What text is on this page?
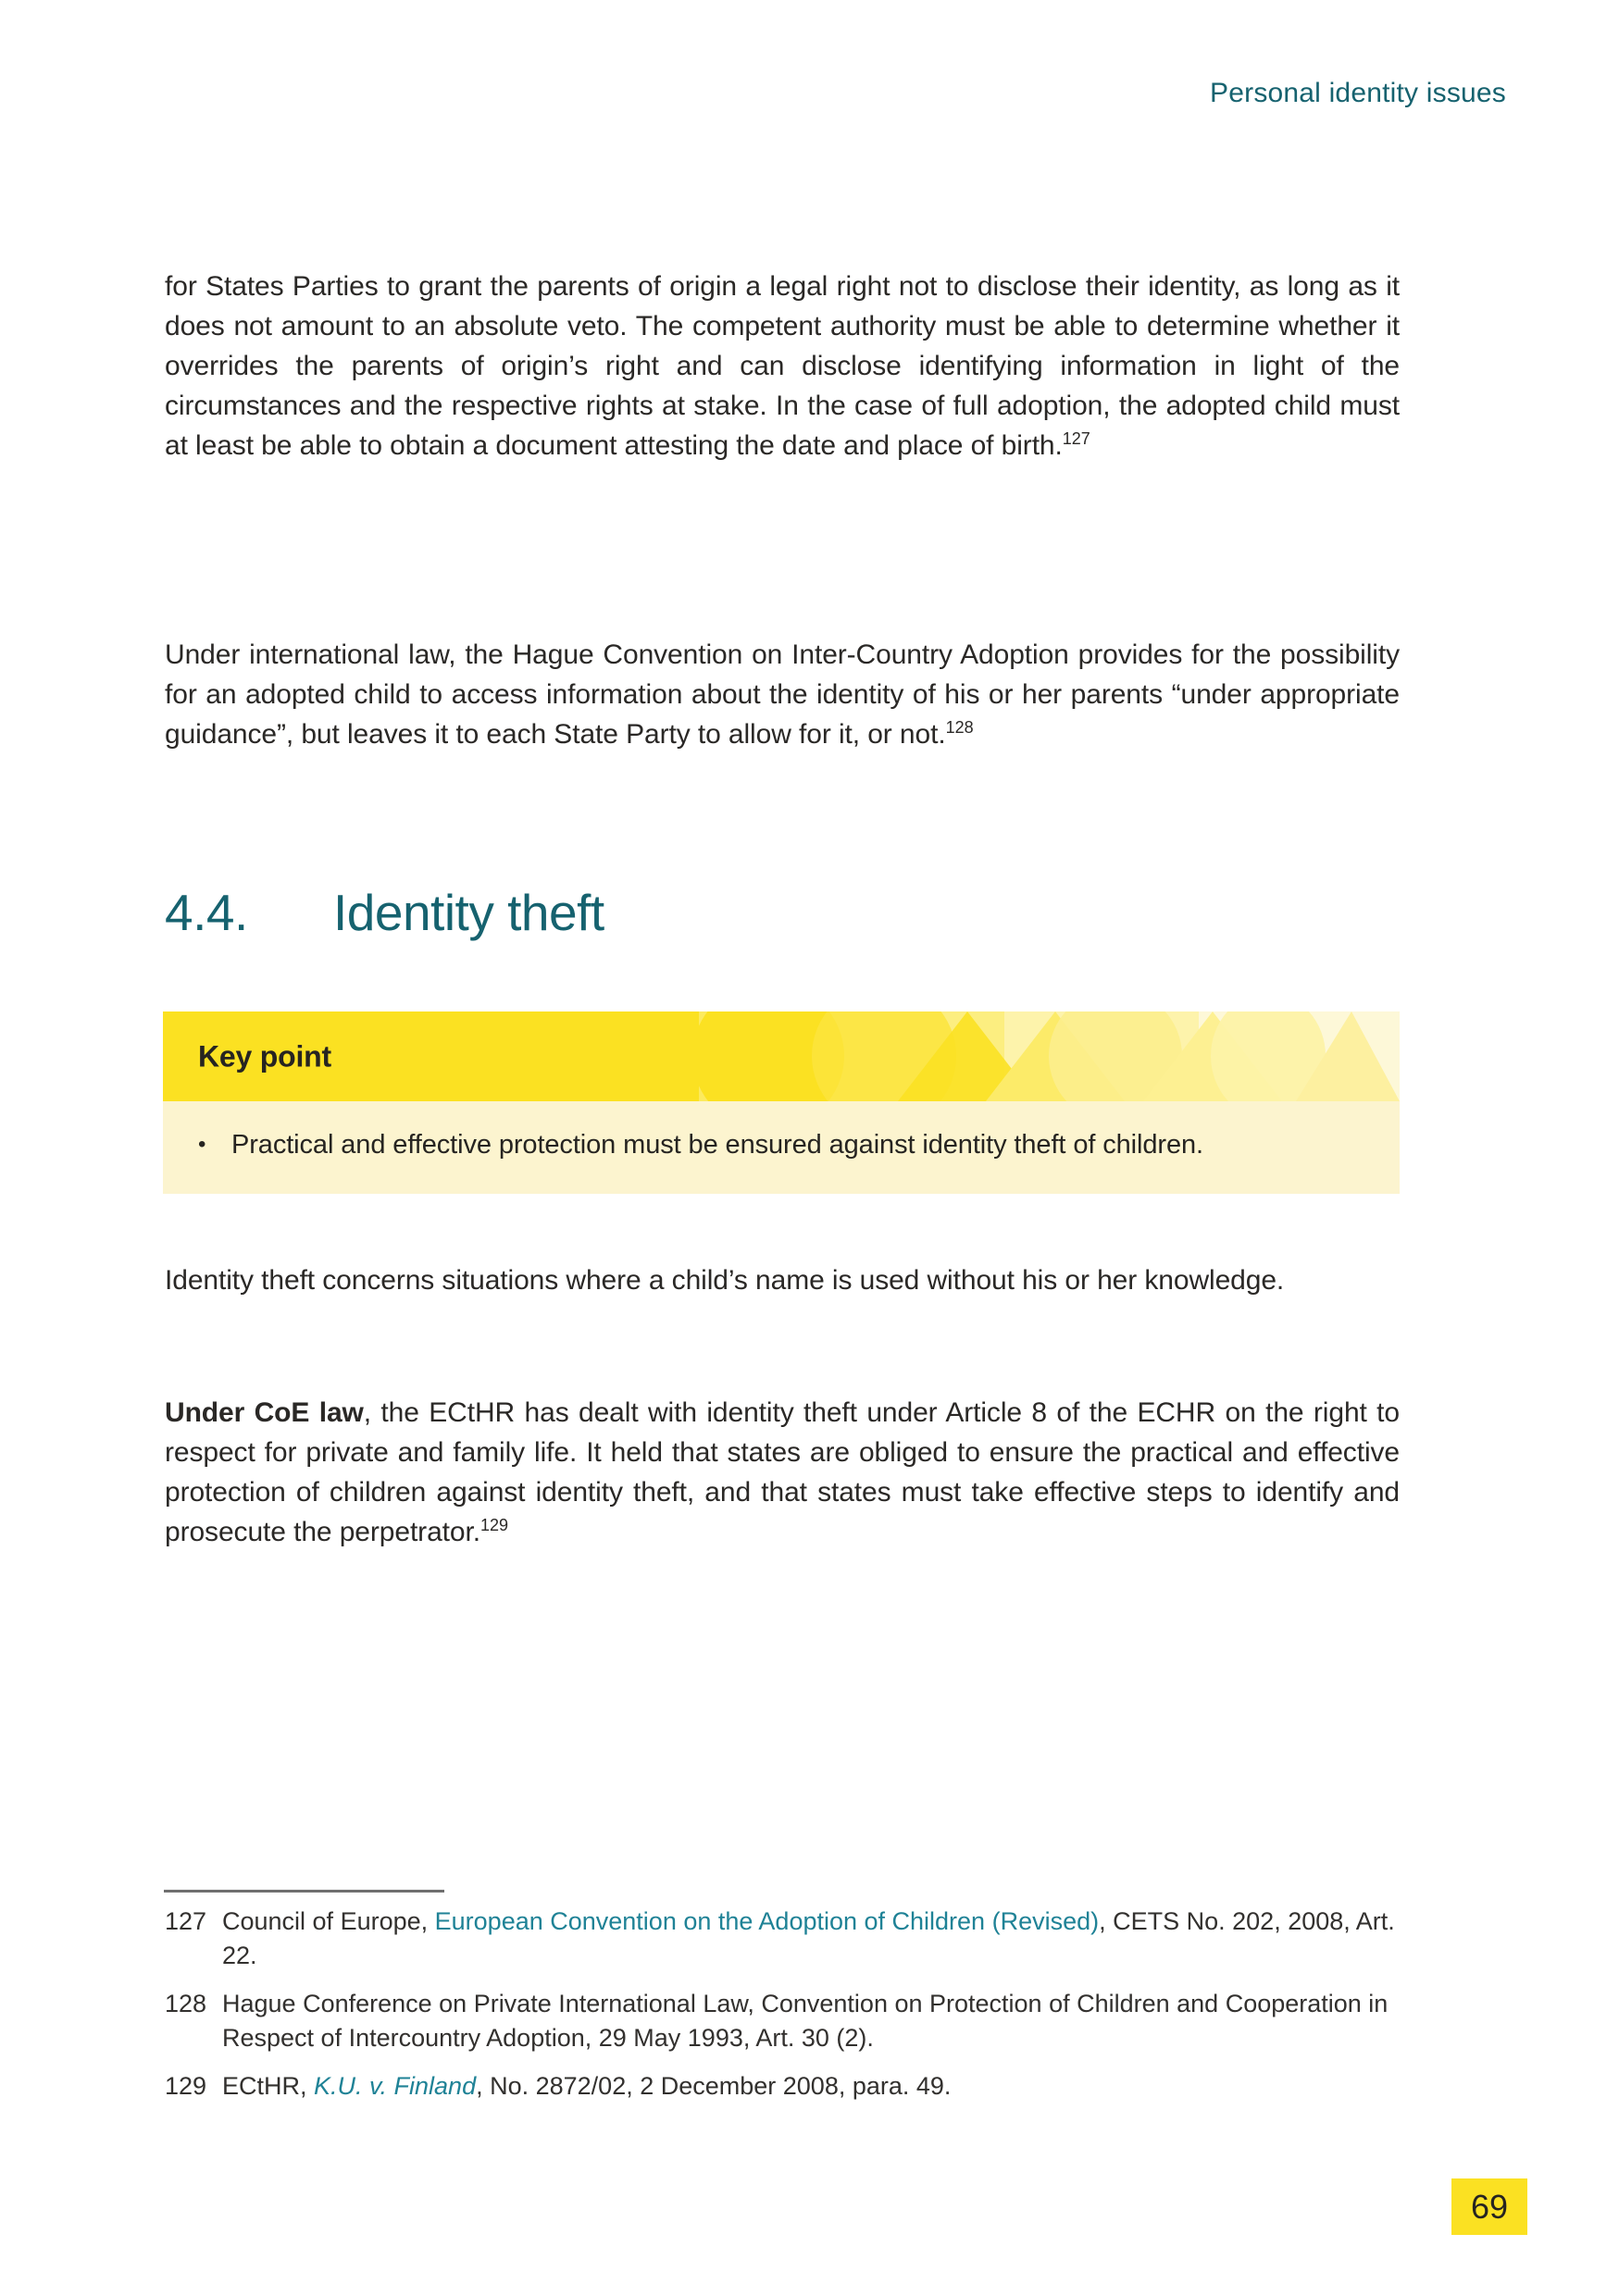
Personal identity issues

for States Parties to grant the parents of origin a legal right not to disclose their identity, as long as it does not amount to an absolute veto. The competent authority must be able to determine whether it overrides the parents of origin’s right and can disclose identifying information in light of the circumstances and the respective rights at stake. In the case of full adoption, the adopted child must at least be able to obtain a document attesting the date and place of birth.$^{127}$

Under international law, the Hague Convention on Inter-Country Adoption provides for the possibility for an adopted child to access information about the identity of his or her parents “under appropriate guidance”, but leaves it to each State Party to allow for it, or not.$^{128}$

4.4. Identity theft
Key point
• Practical and effective protection must be ensured against identity theft of children.

Identity theft concerns situations where a child’s name is used without his or her knowledge.

Under CoE law, the ECtHR has dealt with identity theft under Article 8 of the ECHR on the right to respect for private and family life. It held that states are obliged to ensure the practical and effective protection of children against identity theft, and that states must take effective steps to identify and prosecute the perpetrator.$^{129}$

127 Council of Europe, European Convention on the Adoption of Children (Revised), CETS No. 202, 2008, Art. 22.
128 Hague Conference on Private International Law, Convention on Protection of Children and Cooperation in Respect of Intercountry Adoption, 29 May 1993, Art. 30 (2).
129 ECtHR, K.U. v. Finland, No. 2872/02, 2 December 2008, para. 49.
69
